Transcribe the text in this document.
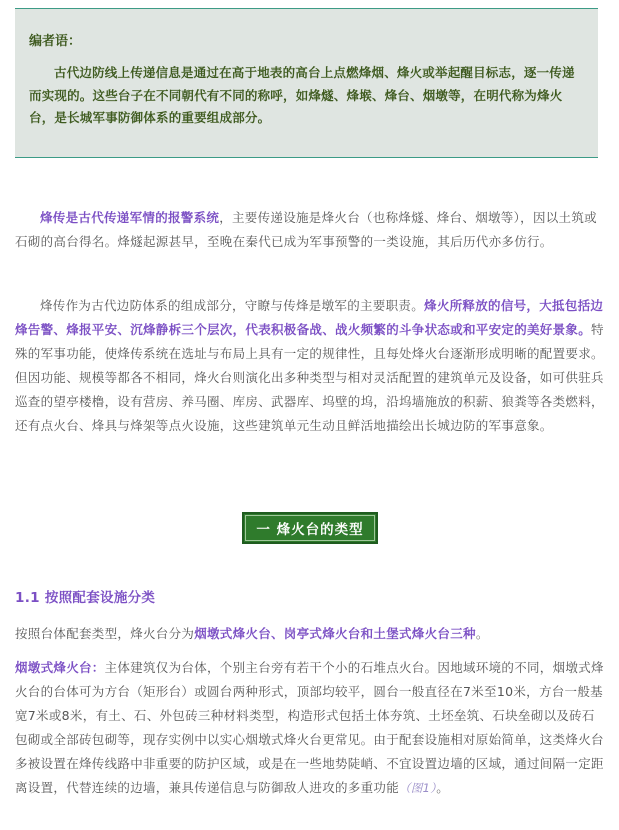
编者语：

古代边防线上传递信息是通过在高于地表的高台上点燃烽烟、烽火或举起醒目标志，逐一传递而实现的。这些台子在不同朝代有不同的称呼，如烽燧、烽堠、烽台、烟墩等，在明代称为烽火台，是长城军事防御体系的重要组成部分。

烽传是古代传递军情的报警系统，主要传递设施是烽火台（也称烽燧、烽台、烟墩等），因以土筑或石砌的高台得名。烽燧起源甚早，至晚在秦代已成为军事预警的一类设施，其后历代亦多仿行。

烽传作为古代边防体系的组成部分，守瞭与传烽是墩军的主要职责。烽火所释放的信号，大抵包括边烽告警、烽报平安、沉烽静柝三个层次，代表积极备战、战火频繁的斗争状态或和平安定的美好景象。特殊的军事功能，使烽传系统在选址与布局上具有一定的规律性，且每处烽火台逐渐形成明晰的配置要求。但因功能、规模等都各不相同，烽火台则演化出多种类型与相对灵活配置的建筑单元及设备，如可供驻兵巡查的望亭楼橹，设有营房、养马圈、库房、武器库、坞壁的坞，沿坞墙施放的积薪、狼粪等各类燃料，还有点火台、烽具与烽架等点火设施，这些建筑单元生动且鲜活地描绘出长城边防的军事意象。

一 烽火台的类型

1.1 按照配套设施分类

按照台体配套类型，烽火台分为烟墩式烽火台、岗亭式烽火台和土堡式烽火台三种。

烟墩式烽火台：主体建筑仅为台体，个别主台旁有若干个小的石堆点火台。因地域环境的不同，烟墩式烽火台的台体可为方台（矩形台）或圆台两种形式，顶部均较平，圆台一般直径在7米至10米，方台一般基宽7米或8米，有土、石、外包砖三种材料类型，构造形式包括土体夯筑、土坯垒筑、石块垒砌以及砖石包砌或全部砖包砌等，现存实例中以实心烟墩式烽火台更常见。由于配套设施相对原始简单，这类烽火台多被设置在烽传线路中非重要的防护区域，或是在一些地势陡峭、不宜设置边墙的区域，通过间隔一定距离设置，代替连续的边墙，兼具传递信息与防御敌人进攻的多重功能（图1）。
